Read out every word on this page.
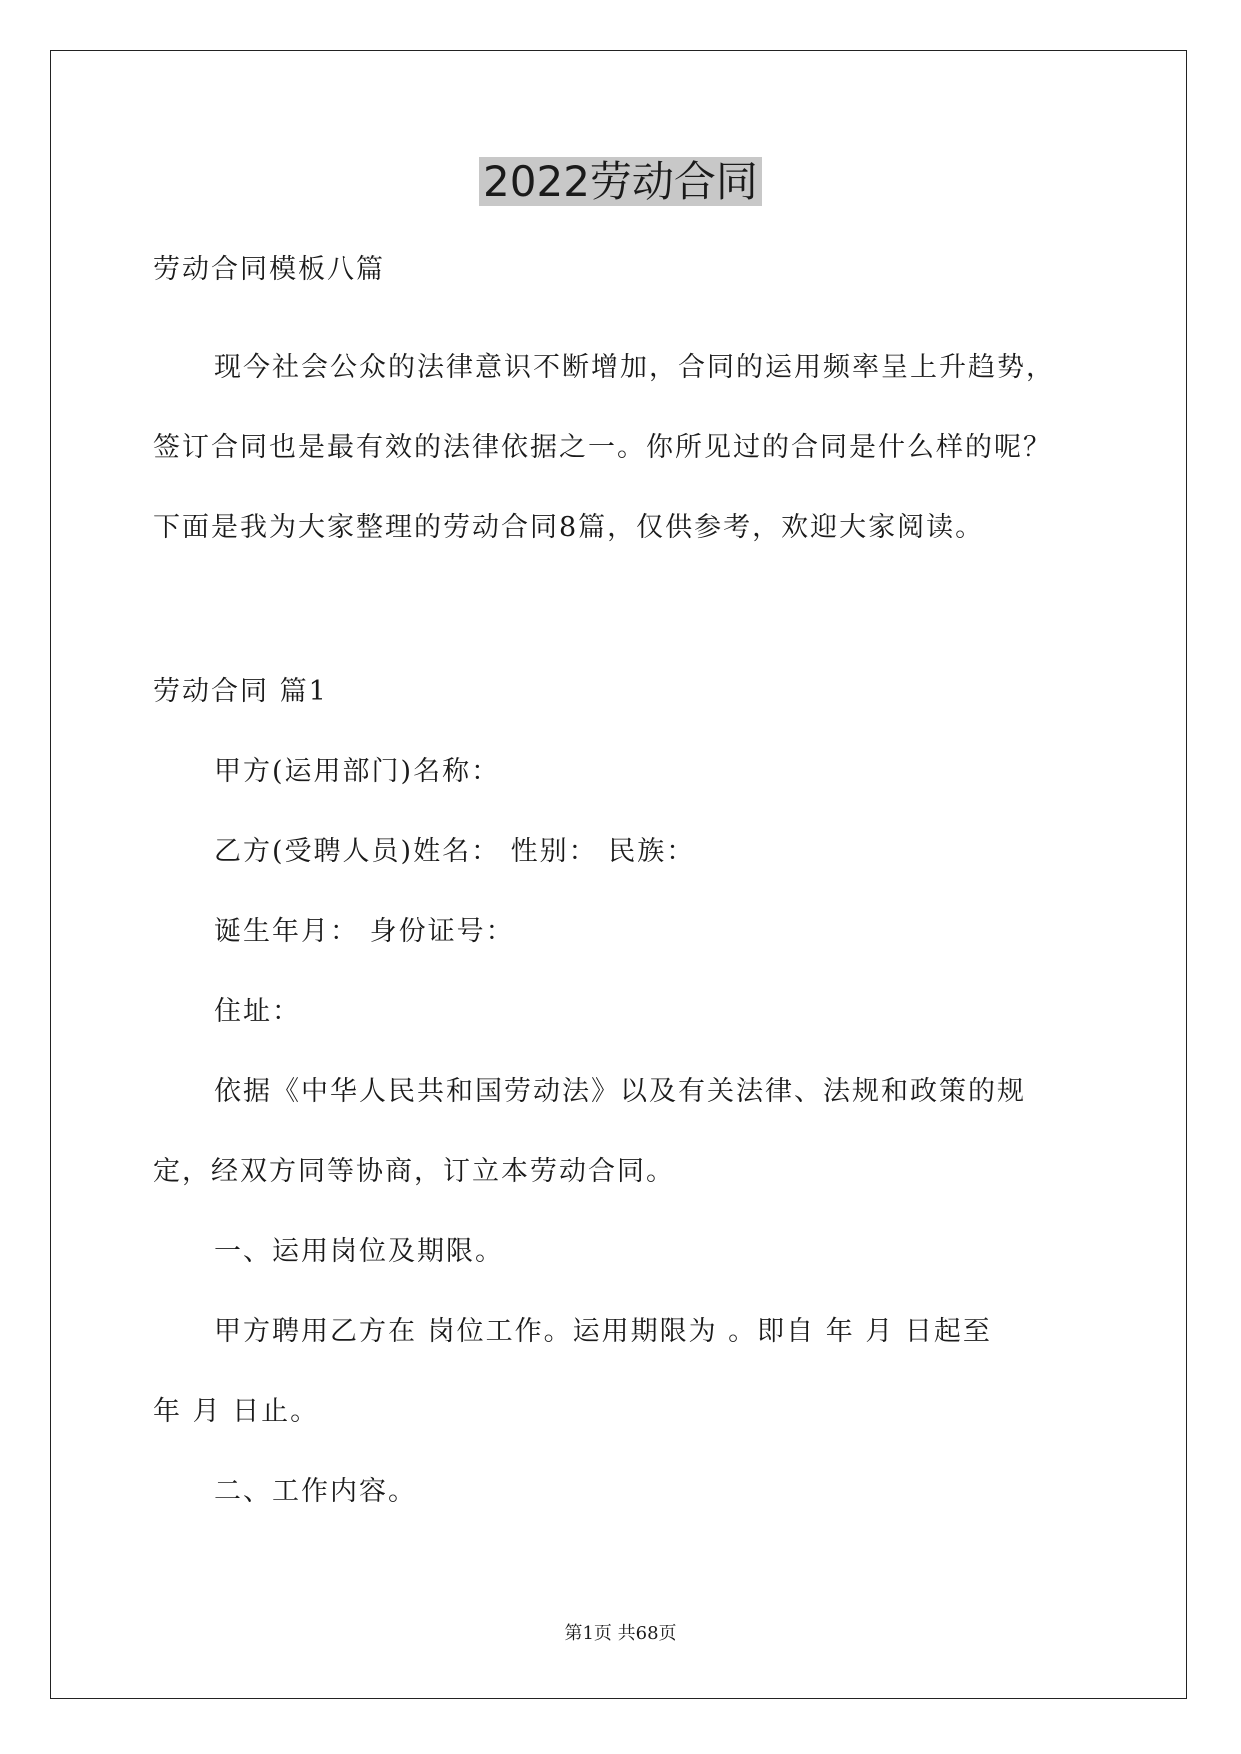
2022劳动合同

劳动合同模板八篇

现今社会公众的法律意识不断增加，合同的运用频率呈上升趋势，

签订合同也是最有效的法律依据之一。你所见过的合同是什么样的呢？

下面是我为大家整理的劳动合同8篇，仅供参考，欢迎大家阅读。

劳动合同 篇1

甲方(运用部门)名称：

乙方(受聘人员)姓名： 性别： 民族：

诞生年月： 身份证号：

住址：

依据《中华人民共和国劳动法》以及有关法律、法规和政策的规

定，经双方同等协商，订立本劳动合同。

一、运用岗位及期限。

甲方聘用乙方在 岗位工作。运用期限为 。即自 年 月 日起至

年 月 日止。

二、工作内容。

第1页 共68页
